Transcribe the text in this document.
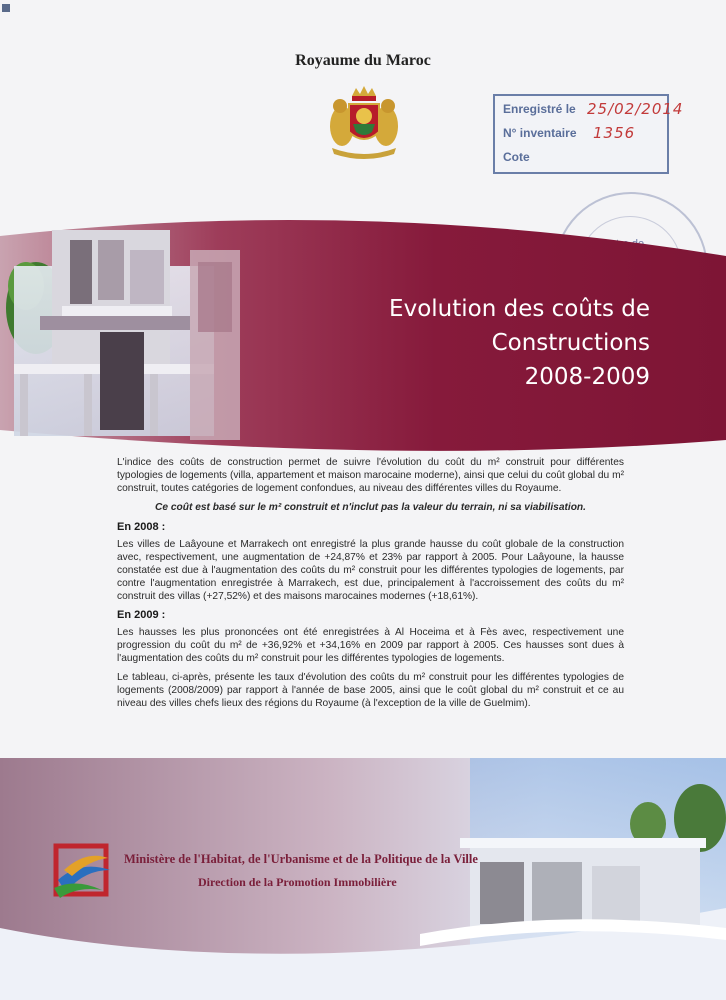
Royaume du Maroc
Enregistré le 25/02/2014
N° inventaire 1356
Cote
Evolution des coûts de
Constructions
2008-2009

L'indice des coûts de construction permet de suivre l'évolution du coût du m² construit pour différentes typologies de logements (villa, appartement et maison marocaine moderne), ainsi que celui du coût global du m² construit, toutes catégories de logement confondues, au niveau des différentes villes du Royaume.

Ce coût est basé sur le m² construit et n'inclut pas la valeur du terrain, ni sa viabilisation.

En 2008 :

Les villes de Laâyoune et Marrakech ont enregistré la plus grande hausse du coût globale de la construction avec, respectivement, une augmentation de +24,87% et 23% par rapport à 2005. Pour Laâyoune, la hausse constatée est due à l'augmentation des coûts du m² construit pour les différentes typologies de logements, par contre l'augmentation enregistrée à Marrakech, est due, principalement à l'accroissement des coûts du m² construit des villas (+27,52%) et des maisons marocaines modernes (+18,61%).

En 2009 :

Les hausses les plus prononcées ont été enregistrées à Al Hoceima et à Fès avec, respectivement une progression du coût du m² de +36,92% et +34,16% en 2009 par rapport à 2005. Ces hausses sont dues à l'augmentation des coûts du m² construit pour les différentes typologies de logements.

Le tableau, ci-après, présente les taux d'évolution des coûts du m² construit pour les différentes typologies de logements (2008/2009) par rapport à l'année de base 2005, ainsi que le coût global du m² construit et ce au niveau des villes chefs lieux des régions du Royaume (à l'exception de la ville de Guelmim).

Ministère de l'Habitat, de l'Urbanisme et de la Politique de la Ville
Direction de la Promotion Immobilière
